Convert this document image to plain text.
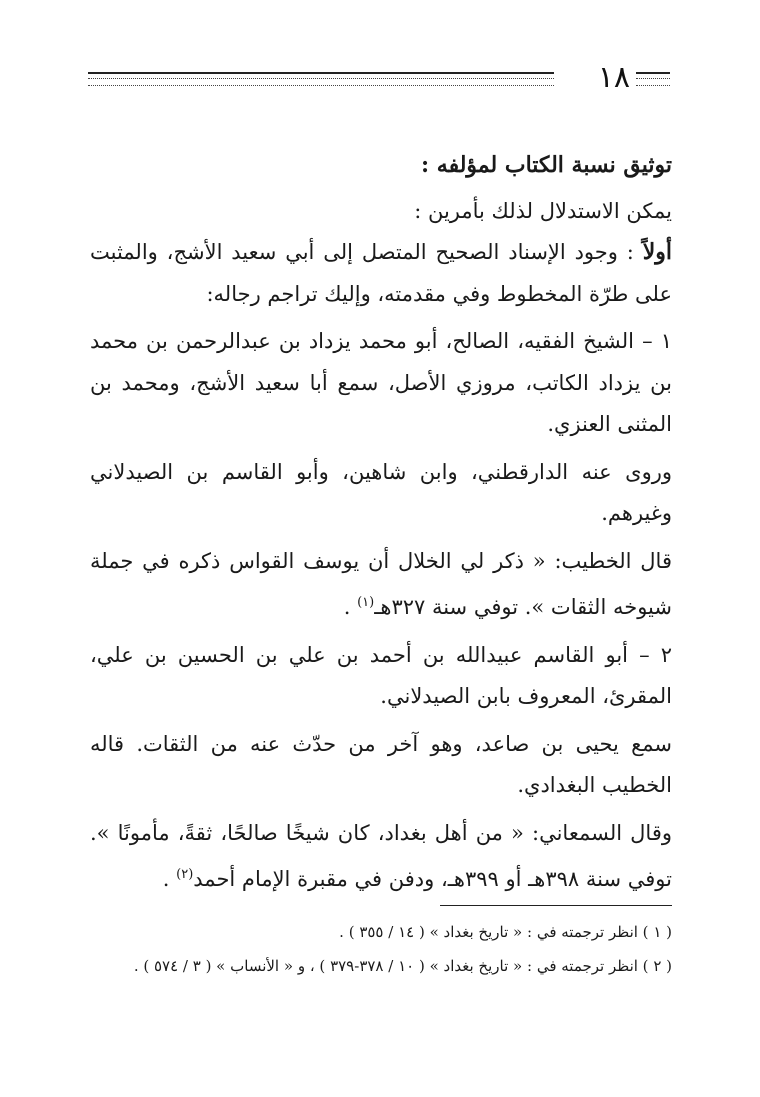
١٨

توثيق نسبة الكتاب لمؤلفه :

يمكن الاستدلال لذلك بأمرين :

أولاً : وجود الإسناد الصحيح المتصل إلى أبي سعيد الأشج، والمثبت على طرّة المخطوط وفي مقدمته، وإليك تراجم رجاله:

١ – الشيخ الفقيه، الصالح، أبو محمد يزداد بن عبدالرحمن بن محمد بن يزداد الكاتب، مروزي الأصل، سمع أبا سعيد الأشج، ومحمد بن المثنى العنزي.

وروى عنه الدارقطني، وابن شاهين، وأبو القاسم بن الصيدلاني وغيرهم.

قال الخطيب: « ذكر لي الخلال أن يوسف القواس ذكره في جملة شيوخه الثقات ». توفي سنة ٣٢٧هـ$^{(١)}$ .

٢ – أبو القاسم عبيدالله بن أحمد بن علي بن الحسين بن علي، المقرئ، المعروف بابن الصيدلاني.

سمع يحيى بن صاعد، وهو آخر من حدّث عنه من الثقات. قاله الخطيب البغدادي.

وقال السمعاني: « من أهل بغداد، كان شيخًا صالحًا، ثقةً، مأمونًا ». توفي سنة ٣٩٨هـ أو ٣٩٩هـ، ودفن في مقبرة الإمام أحمد$^{(٢)}$ .

( ١ ) انظر ترجمته في : « تاريخ بغداد » ( ١٤ / ٣٥٥ ) .

( ٢ ) انظر ترجمته في : « تاريخ بغداد » ( ١٠ / ٣٧٨-٣٧٩ ) ، و « الأنساب » ( ٣ / ٥٧٤ ) .
